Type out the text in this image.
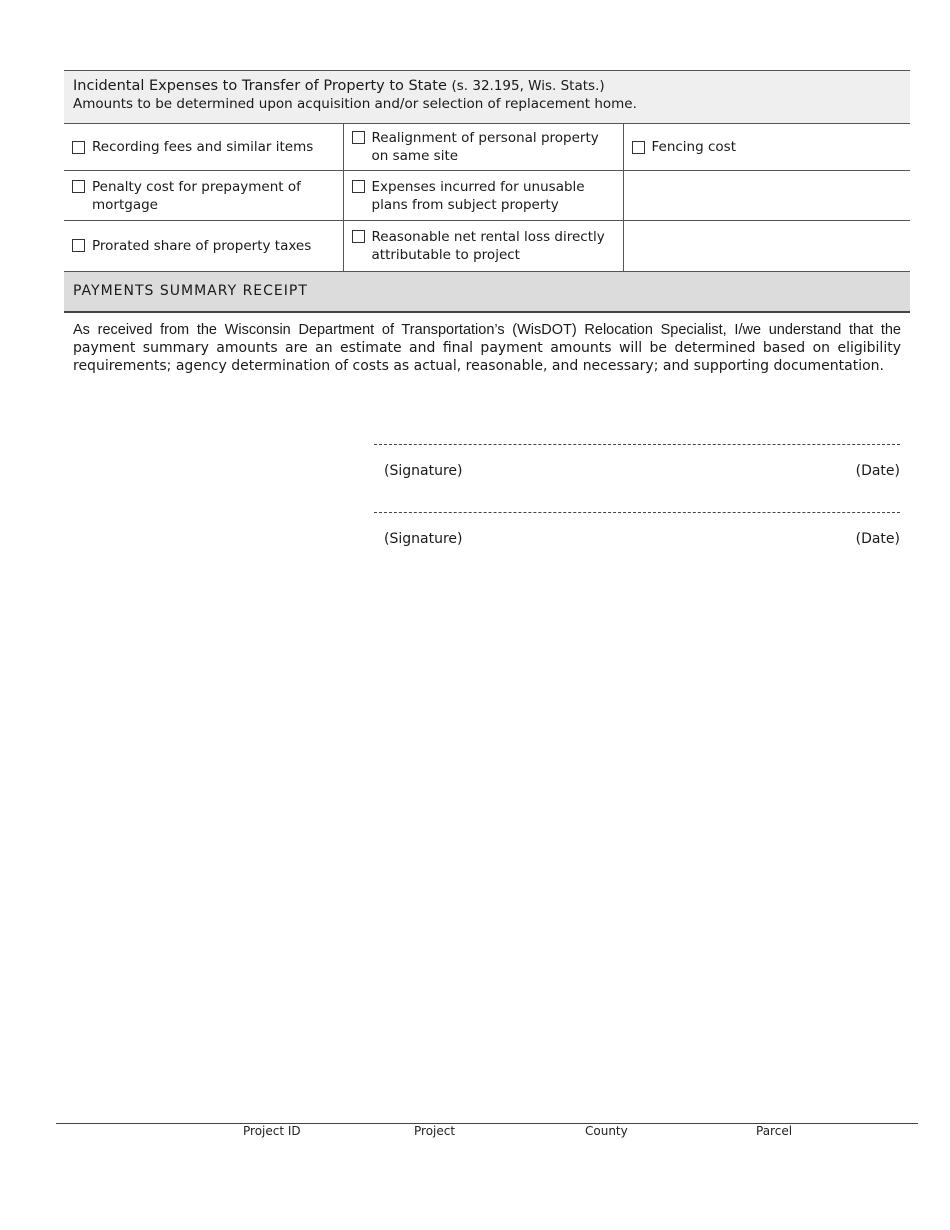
Incidental Expenses to Transfer of Property to State (s. 32.195, Wis. Stats.)
Amounts to be determined upon acquisition and/or selection of replacement home.
Recording fees and similar items	Realignment of personal property on same site	Fencing cost

Penalty cost for prepayment of mortgage	Expenses incurred for unusable plans from subject property	

Prorated share of property taxes	Reasonable net rental loss directly attributable to project	

PAYMENTS SUMMARY RECEIPT
As received from the Wisconsin Department of Transportation’s (WisDOT) Relocation Specialist, I/we understand that the payment summary amounts are an estimate and final payment amounts will be determined based on eligibility requirements; agency determination of costs as actual, reasonable, and necessary; and supporting documentation.
(Signature)	(Date)
(Signature)	(Date)
Project ID	Project	County	Parcel
